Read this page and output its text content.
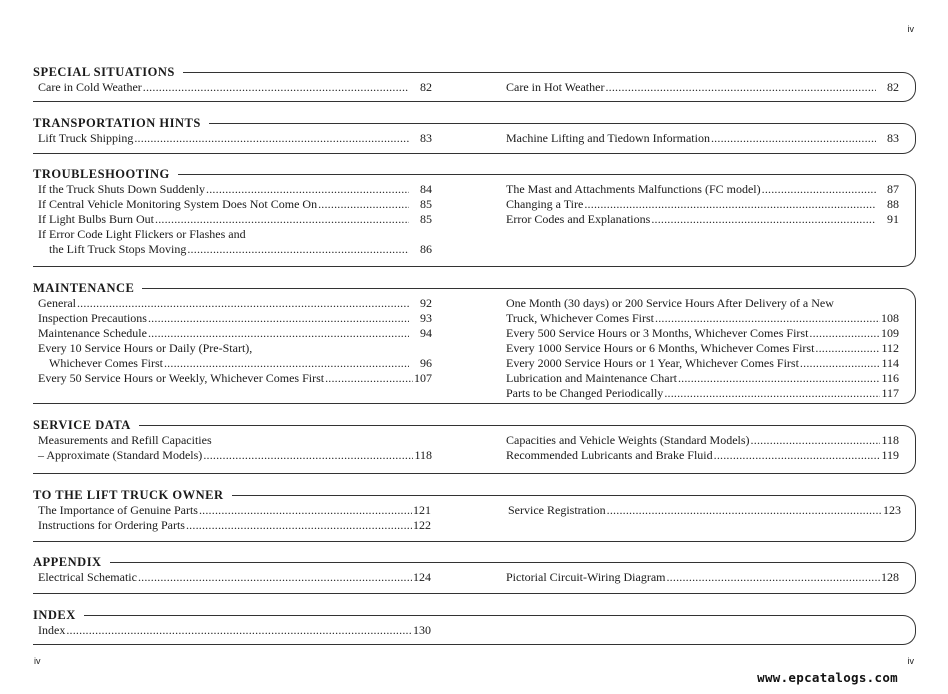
iv
SPECIAL SITUATIONS
Care in Cold Weather .....	82	Care in Hot Weather .....	82
TRANSPORTATION HINTS
Lift Truck Shipping .....	83	Machine Lifting and Tiedown Information .....	83
TROUBLESHOOTING
If the Truck Shuts Down Suddenly .....	84
If Central Vehicle Monitoring System Does Not Come On .....	85
If Light Bulbs Burn Out .....	85
If Error Code Light Flickers or Flashes and
the Lift Truck Stops Moving .....	86
The Mast and Attachments Malfunctions (FC model) .....	87
Changing a Tire .....	88
Error Codes and Explanations .....	91
MAINTENANCE
General .....	92
Inspection Precautions .....	93
Maintenance Schedule .....	94
Every 10 Service Hours or Daily (Pre-Start),
Whichever Comes First .....	96
Every 50 Service Hours or Weekly, Whichever Comes First .....	107
One Month (30 days) or 200 Service Hours After Delivery of a New
Truck, Whichever Comes First .....	108
Every 500 Service Hours or 3 Months, Whichever Comes First .....	109
Every 1000 Service Hours or 6 Months, Whichever Comes First .....	112
Every 2000 Service Hours or 1 Year, Whichever Comes First .....	114
Lubrication and Maintenance Chart .....	116
Parts to be Changed Periodically .....	117
SERVICE DATA
Measurements and Refill Capacities
– Approximate (Standard Models) .....	118
Capacities and Vehicle Weights (Standard Models) .....	118
Recommended Lubricants and Brake Fluid .....	119
TO THE LIFT TRUCK OWNER
The Importance of Genuine Parts .....	121
Instructions for Ordering Parts .....	122
Service Registration .....	123
APPENDIX
Electrical Schematic .....	124	Pictorial Circuit-Wiring Diagram .....	128
INDEX
Index .....	130
iv	iv
www.epcatalogs.com
